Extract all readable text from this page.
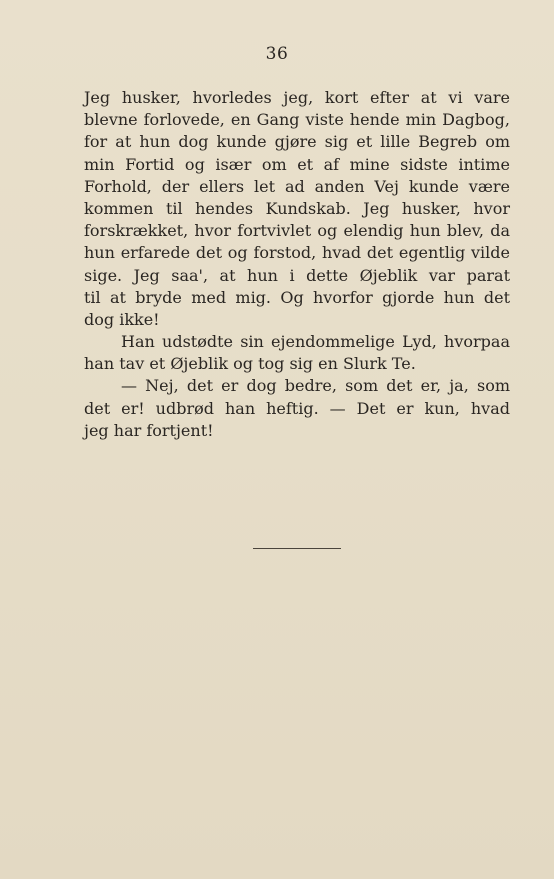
36
Jeg husker, hvorledes jeg, kort efter at vi vare
blevne forlovede, en Gang viste hende min Dagbog,
for at hun dog kunde gjøre sig et lille Begreb om
min Fortid og især om et af mine sidste intime
Forhold, der ellers let ad anden Vej kunde være
kommen til hendes Kundskab. Jeg husker, hvor
forskrækket, hvor fortvivlet og elendig hun blev, da
hun erfarede det og forstod, hvad det egentlig vilde
sige. Jeg saa', at hun i dette Øjeblik var parat
til at bryde med mig. Og hvorfor gjorde hun det
dog ikke!
Han udstødte sin ejendommelige Lyd, hvorpaa
han tav et Øjeblik og tog sig en Slurk Te.
— Nej, det er dog bedre, som det er, ja, som
det er! udbrød han heftig. — Det er kun, hvad
jeg har fortjent!
